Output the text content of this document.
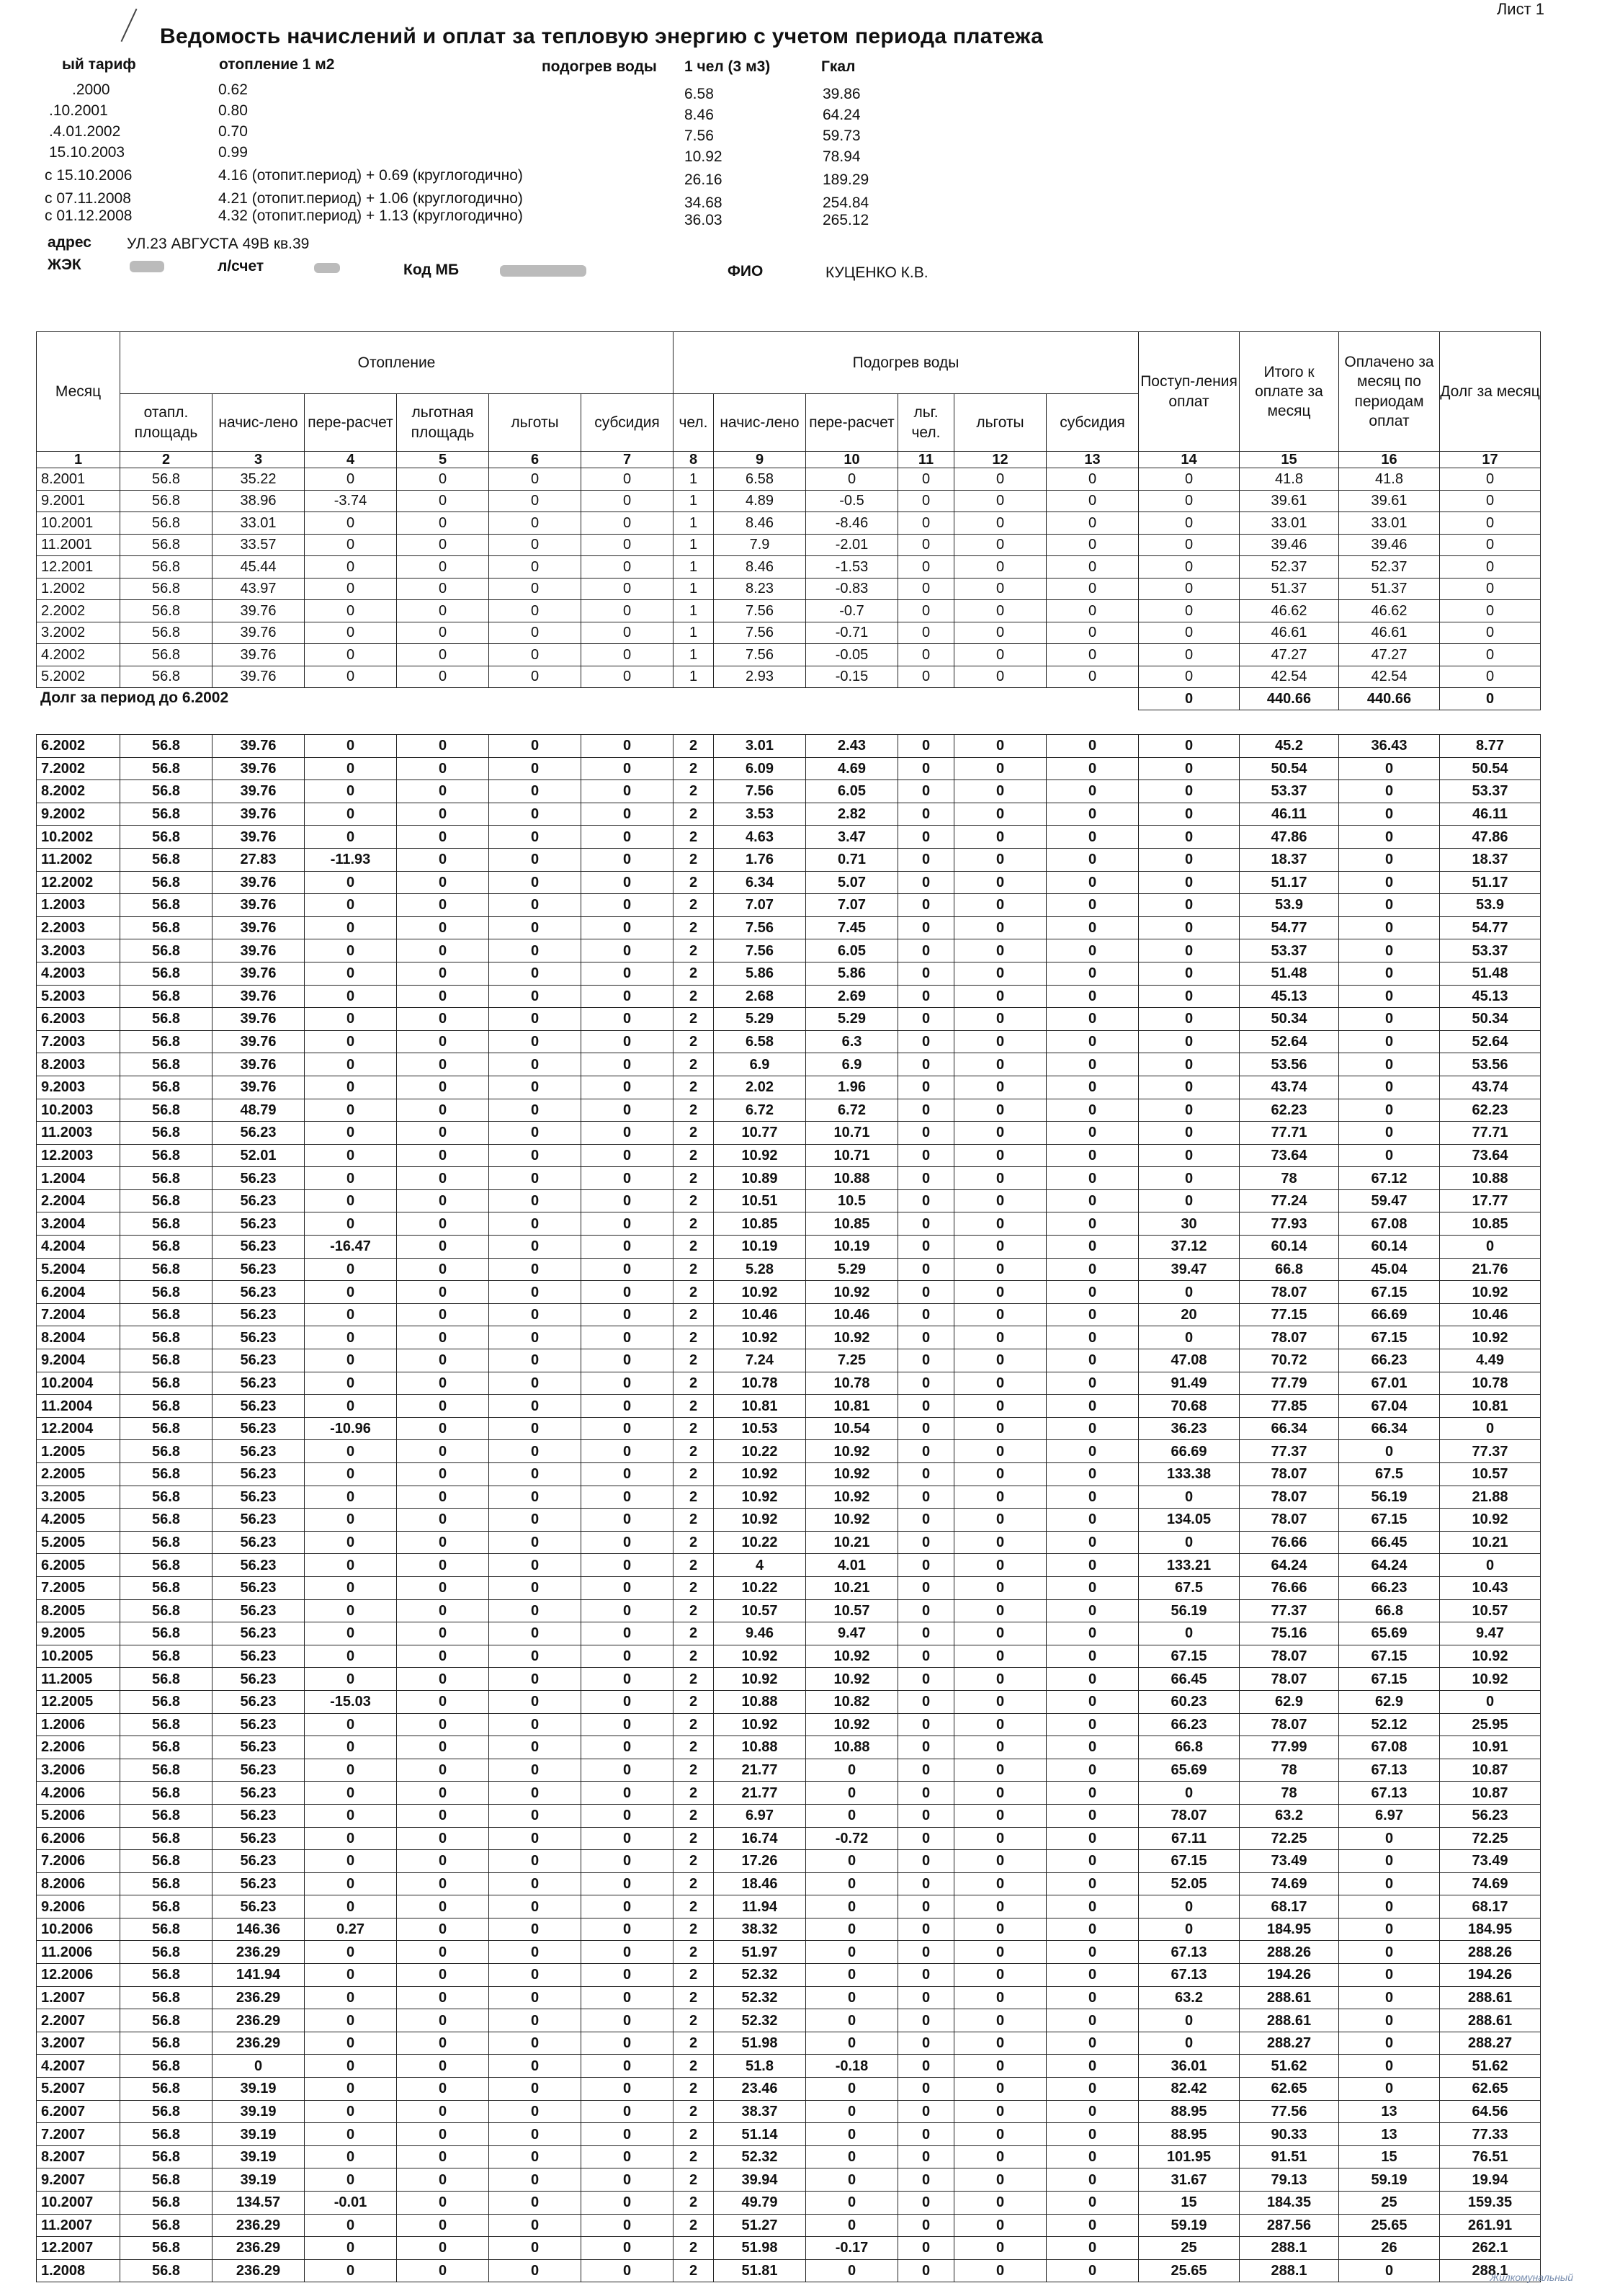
Лист 1
Ведомость начислений и оплат за тепловую энергию с учетом периода платежа
ый тариф	отопление 1 м2	подогрев воды 1 чел (3 м3)	Гкал
.2000	0.62	6.58	39.86
.10.2001	0.80	8.46	64.24
.4.01.2002	0.70	7.56	59.73
15.10.2003	0.99	10.92	78.94
с 15.10.2006	4.16 (отопит.период) + 0.69 (круглогодично)	26.16	189.29
с 07.11.2008	4.21 (отопит.период) + 1.06 (круглогодично)	34.68	254.84
с 01.12.2008	4.32 (отопит.период) + 1.13 (круглогодично)	36.03	265.12
адрес УЛ.23 АВГУСТА 49В кв.39
ЖЭК	л/счет	Код МБ	ФИО	КУЦЕНКО К.В.
Месяц	Отопление						Подогрев воды						Поступ-ления оплат	Итого к оплате за месяц	Оплачено за месяц по периодам оплат	Долг за месяц
	отапл. площадь	начис-лено	пере-расчет	льготная площадь	льготы	субсидия	чел.	начис-лено	пере-расчет	льг. чел.	льготы	субсидия				
1	2	3	4	5	6	7	8	9	10	11	12	13	14	15	16	17
8.2001	56.8	35.22	0	0	0	0	1	6.58	0	0	0	0	0	41.8	41.8	0
9.2001	56.8	38.96	-3.74	0	0	0	1	4.89	-0.5	0	0	0	0	39.61	39.61	0
10.2001	56.8	33.01	0	0	0	0	1	8.46	-8.46	0	0	0	0	33.01	33.01	0
11.2001	56.8	33.57	0	0	0	0	1	7.9	-2.01	0	0	0	0	39.46	39.46	0
12.2001	56.8	45.44	0	0	0	0	1	8.46	-1.53	0	0	0	0	52.37	52.37	0
1.2002	56.8	43.97	0	0	0	0	1	8.23	-0.83	0	0	0	0	51.37	51.37	0
2.2002	56.8	39.76	0	0	0	0	1	7.56	-0.7	0	0	0	0	46.62	46.62	0
3.2002	56.8	39.76	0	0	0	0	1	7.56	-0.71	0	0	0	0	46.61	46.61	0
4.2002	56.8	39.76	0	0	0	0	1	7.56	-0.05	0	0	0	0	47.27	47.27	0
5.2002	56.8	39.76	0	0	0	0	1	2.93	-0.15	0	0	0	0	42.54	42.54	0
													0	440.66	440.66	0
Долг за период до 6.2002
6.2002	56.8	39.76	0	0	0	0	2	3.01	2.43	0	0	0	0	45.2	36.43	8.77
7.2002	56.8	39.76	0	0	0	0	2	6.09	4.69	0	0	0	0	50.54	0	50.54
8.2002	56.8	39.76	0	0	0	0	2	7.56	6.05	0	0	0	0	53.37	0	53.37
9.2002	56.8	39.76	0	0	0	0	2	3.53	2.82	0	0	0	0	46.11	0	46.11
10.2002	56.8	39.76	0	0	0	0	2	4.63	3.47	0	0	0	0	47.86	0	47.86
11.2002	56.8	27.83	-11.93	0	0	0	2	1.76	0.71	0	0	0	0	18.37	0	18.37
12.2002	56.8	39.76	0	0	0	0	2	6.34	5.07	0	0	0	0	51.17	0	51.17
1.2003	56.8	39.76	0	0	0	0	2	7.07	7.07	0	0	0	0	53.9	0	53.9
2.2003	56.8	39.76	0	0	0	0	2	7.56	7.45	0	0	0	0	54.77	0	54.77
3.2003	56.8	39.76	0	0	0	0	2	7.56	6.05	0	0	0	0	53.37	0	53.37
4.2003	56.8	39.76	0	0	0	0	2	5.86	5.86	0	0	0	0	51.48	0	51.48
5.2003	56.8	39.76	0	0	0	0	2	2.68	2.69	0	0	0	0	45.13	0	45.13
6.2003	56.8	39.76	0	0	0	0	2	5.29	5.29	0	0	0	0	50.34	0	50.34
7.2003	56.8	39.76	0	0	0	0	2	6.58	6.3	0	0	0	0	52.64	0	52.64
8.2003	56.8	39.76	0	0	0	0	2	6.9	6.9	0	0	0	0	53.56	0	53.56
9.2003	56.8	39.76	0	0	0	0	2	2.02	1.96	0	0	0	0	43.74	0	43.74
10.2003	56.8	48.79	0	0	0	0	2	6.72	6.72	0	0	0	0	62.23	0	62.23
11.2003	56.8	56.23	0	0	0	0	2	10.77	10.71	0	0	0	0	77.71	0	77.71
12.2003	56.8	52.01	0	0	0	0	2	10.92	10.71	0	0	0	0	73.64	0	73.64
1.2004	56.8	56.23	0	0	0	0	2	10.89	10.88	0	0	0	0	78	67.12	10.88
2.2004	56.8	56.23	0	0	0	0	2	10.51	10.5	0	0	0	0	77.24	59.47	17.77
3.2004	56.8	56.23	0	0	0	0	2	10.85	10.85	0	0	0	30	77.93	67.08	10.85
4.2004	56.8	56.23	-16.47	0	0	0	2	10.19	10.19	0	0	0	37.12	60.14	60.14	0
5.2004	56.8	56.23	0	0	0	0	2	5.28	5.29	0	0	0	39.47	66.8	45.04	21.76
6.2004	56.8	56.23	0	0	0	0	2	10.92	10.92	0	0	0	0	78.07	67.15	10.92
7.2004	56.8	56.23	0	0	0	0	2	10.46	10.46	0	0	0	20	77.15	66.69	10.46
8.2004	56.8	56.23	0	0	0	0	2	10.92	10.92	0	0	0	0	78.07	67.15	10.92
9.2004	56.8	56.23	0	0	0	0	2	7.24	7.25	0	0	0	47.08	70.72	66.23	4.49
10.2004	56.8	56.23	0	0	0	0	2	10.78	10.78	0	0	0	91.49	77.79	67.01	10.78
11.2004	56.8	56.23	0	0	0	0	2	10.81	10.81	0	0	0	70.68	77.85	67.04	10.81
12.2004	56.8	56.23	-10.96	0	0	0	2	10.53	10.54	0	0	0	36.23	66.34	66.34	0
1.2005	56.8	56.23	0	0	0	0	2	10.22	10.92	0	0	0	66.69	77.37	0	77.37
2.2005	56.8	56.23	0	0	0	0	2	10.92	10.92	0	0	0	133.38	78.07	67.5	10.57
3.2005	56.8	56.23	0	0	0	0	2	10.92	10.92	0	0	0	0	78.07	56.19	21.88
4.2005	56.8	56.23	0	0	0	0	2	10.92	10.92	0	0	0	134.05	78.07	67.15	10.92
5.2005	56.8	56.23	0	0	0	0	2	10.22	10.21	0	0	0	0	76.66	66.45	10.21
6.2005	56.8	56.23	0	0	0	0	2	4	4.01	0	0	0	133.21	64.24	64.24	0
7.2005	56.8	56.23	0	0	0	0	2	10.22	10.21	0	0	0	67.5	76.66	66.23	10.43
8.2005	56.8	56.23	0	0	0	0	2	10.57	10.57	0	0	0	56.19	77.37	66.8	10.57
9.2005	56.8	56.23	0	0	0	0	2	9.46	9.47	0	0	0	0	75.16	65.69	9.47
10.2005	56.8	56.23	0	0	0	0	2	10.92	10.92	0	0	0	67.15	78.07	67.15	10.92
11.2005	56.8	56.23	0	0	0	0	2	10.92	10.92	0	0	0	66.45	78.07	67.15	10.92
12.2005	56.8	56.23	-15.03	0	0	0	2	10.88	10.82	0	0	0	60.23	62.9	62.9	0
1.2006	56.8	56.23	0	0	0	0	2	10.92	10.92	0	0	0	66.23	78.07	52.12	25.95
2.2006	56.8	56.23	0	0	0	0	2	10.88	10.88	0	0	0	66.8	77.99	67.08	10.91
3.2006	56.8	56.23	0	0	0	0	2	21.77	0	0	0	0	65.69	78	67.13	10.87
4.2006	56.8	56.23	0	0	0	0	2	21.77	0	0	0	0	0	78	67.13	10.87
5.2006	56.8	56.23	0	0	0	0	2	6.97	0	0	0	0	78.07	63.2	6.97	56.23
6.2006	56.8	56.23	0	0	0	0	2	16.74	-0.72	0	0	0	67.11	72.25	0	72.25
7.2006	56.8	56.23	0	0	0	0	2	17.26	0	0	0	0	67.15	73.49	0	73.49
8.2006	56.8	56.23	0	0	0	0	2	18.46	0	0	0	0	52.05	74.69	0	74.69
9.2006	56.8	56.23	0	0	0	0	2	11.94	0	0	0	0	0	68.17	0	68.17
10.2006	56.8	146.36	0.27	0	0	0	2	38.32	0	0	0	0	0	184.95	0	184.95
11.2006	56.8	236.29	0	0	0	0	2	51.97	0	0	0	0	67.13	288.26	0	288.26
12.2006	56.8	141.94	0	0	0	0	2	52.32	0	0	0	0	67.13	194.26	0	194.26
1.2007	56.8	236.29	0	0	0	0	2	52.32	0	0	0	0	63.2	288.61	0	288.61
2.2007	56.8	236.29	0	0	0	0	2	52.32	0	0	0	0	0	288.61	0	288.61
3.2007	56.8	236.29	0	0	0	0	2	51.98	0	0	0	0	0	288.27	0	288.27
4.2007	56.8	0	0	0	0	0	2	51.8	-0.18	0	0	0	36.01	51.62	0	51.62
5.2007	56.8	39.19	0	0	0	0	2	23.46	0	0	0	0	82.42	62.65	0	62.65
6.2007	56.8	39.19	0	0	0	0	2	38.37	0	0	0	0	88.95	77.56	13	64.56
7.2007	56.8	39.19	0	0	0	0	2	51.14	0	0	0	0	88.95	90.33	13	77.33
8.2007	56.8	39.19	0	0	0	0	2	52.32	0	0	0	0	101.95	91.51	15	76.51
9.2007	56.8	39.19	0	0	0	0	2	39.94	0	0	0	0	31.67	79.13	59.19	19.94
10.2007	56.8	134.57	-0.01	0	0	0	2	49.79	0	0	0	0	15	184.35	25	159.35
11.2007	56.8	236.29	0	0	0	0	2	51.27	0	0	0	0	59.19	287.56	25.65	261.91
12.2007	56.8	236.29	0	0	0	0	2	51.98	-0.17	0	0	0	25	288.1	26	262.1
1.2008	56.8	236.29	0	0	0	0	2	51.81	0	0	0	0	25.65	288.1	0	288.1
Жилкомунальный
